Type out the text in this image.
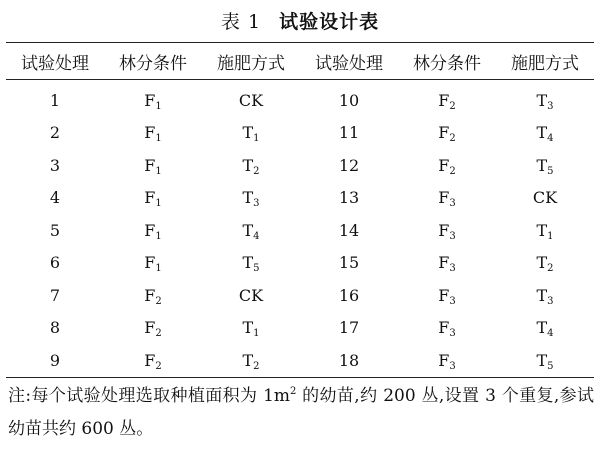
表 1 试验设计表
试验处理	林分条件	施肥方式	试验处理	林分条件	施肥方式
1	$F_1$	CK	10	$F_2$	$T_3$
2	$F_1$	$T_1$	11	$F_2$	$T_4$
3	$F_1$	$T_2$	12	$F_2$	$T_5$
4	$F_1$	$T_3$	13	$F_3$	CK
5	$F_1$	$T_4$	14	$F_3$	$T_1$
6	$F_1$	$T_5$	15	$F_3$	$T_2$
7	$F_2$	CK	16	$F_3$	$T_3$
8	$F_2$	$T_1$	17	$F_3$	$T_4$
9	$F_2$	$T_2$	18	$F_3$	$T_5$
注:每个试验处理选取种植面积为 $1m^2$ 的幼苗,约 200 丛,设置 3 个重复,参试幼苗共约 600 丛。
